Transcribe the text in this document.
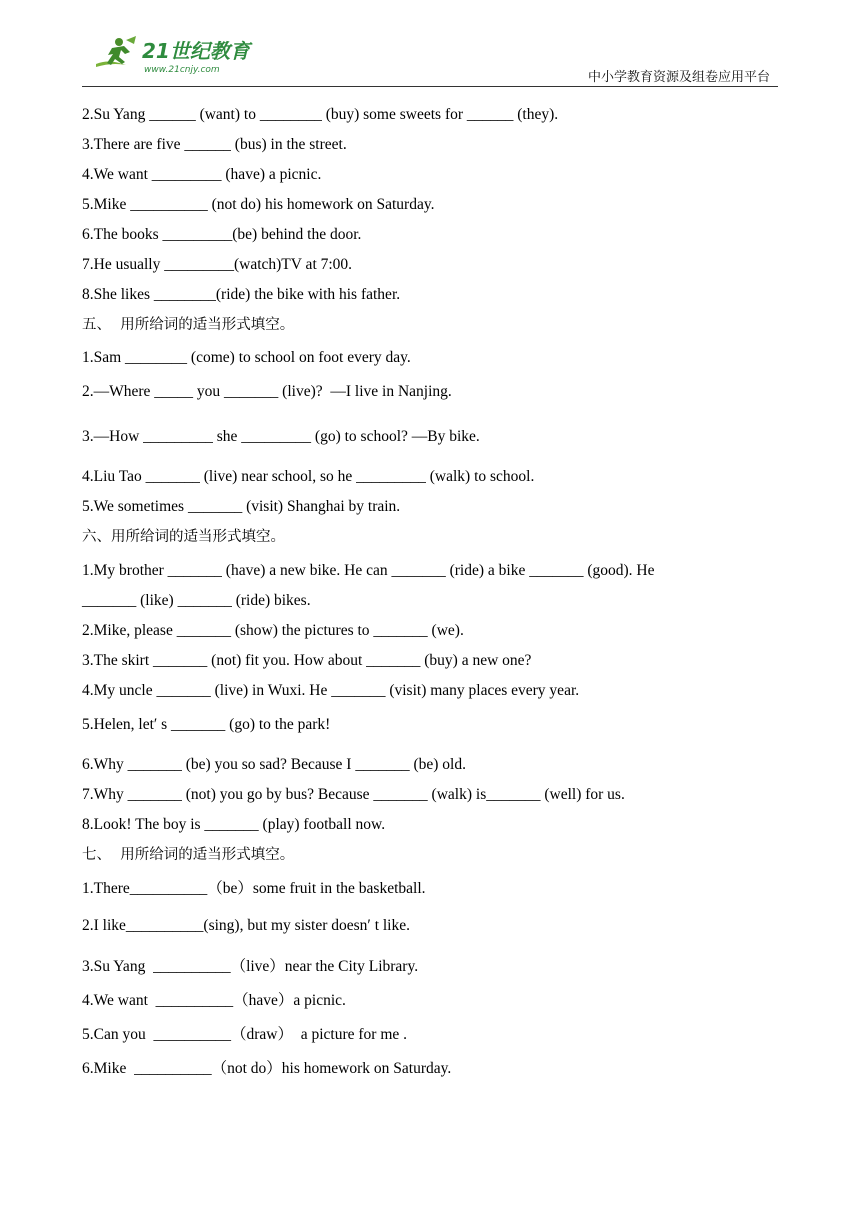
21世纪教育
www.21cnjy.com	中小学教育资源及组卷应用平台
2.Su Yang ______ (want) to ________ (buy) some sweets for ______ (they).
3.There are five ______ (bus) in the street.
4.We want _________ (have) a picnic.
5.Mike __________ (not do) his homework on Saturday.
6.The books _________(be) behind the door.
7.He usually _________(watch)TV at 7:00.
8.She likes ________(ride) the bike with his father.
五、  用所给词的适当形式填空。
1.Sam ________ (come) to school on foot every day.
2.—Where _____ you _______ (live)?  —I live in Nanjing.
3.—How _________ she _________ (go) to school? —By bike.
4.Liu Tao _______ (live) near school, so he _________ (walk) to school.
5.We sometimes _______ (visit) Shanghai by train.
六、用所给词的适当形式填空。
1.My brother _______ (have) a new bike. He can _______ (ride) a bike _______ (good). He
_______ (like) _______ (ride) bikes.
2.Mike, please _______ (show) the pictures to _______ (we).
3.The skirt _______ (not) fit you. How about _______ (buy) a new one?
4.My uncle _______ (live) in Wuxi. He _______ (visit) many places every year.
5.Helen, let′ s _______ (go) to the park!
6.Why _______ (be) you so sad? Because I _______ (be) old.
7.Why _______ (not) you go by bus? Because _______ (walk) is_______ (well) for us.
8.Look! The boy is _______ (play) football now.
七、  用所给词的适当形式填空。
1.There__________（be）some fruit in the basketball.
2.I like__________(sing), but my sister doesn′ t like.
3.Su Yang  __________（live）near the City Library.
4.We want  __________（have）a picnic.
5.Can you  __________（draw）  a picture for me .
6.Mike  __________（not do）his homework on Saturday.
